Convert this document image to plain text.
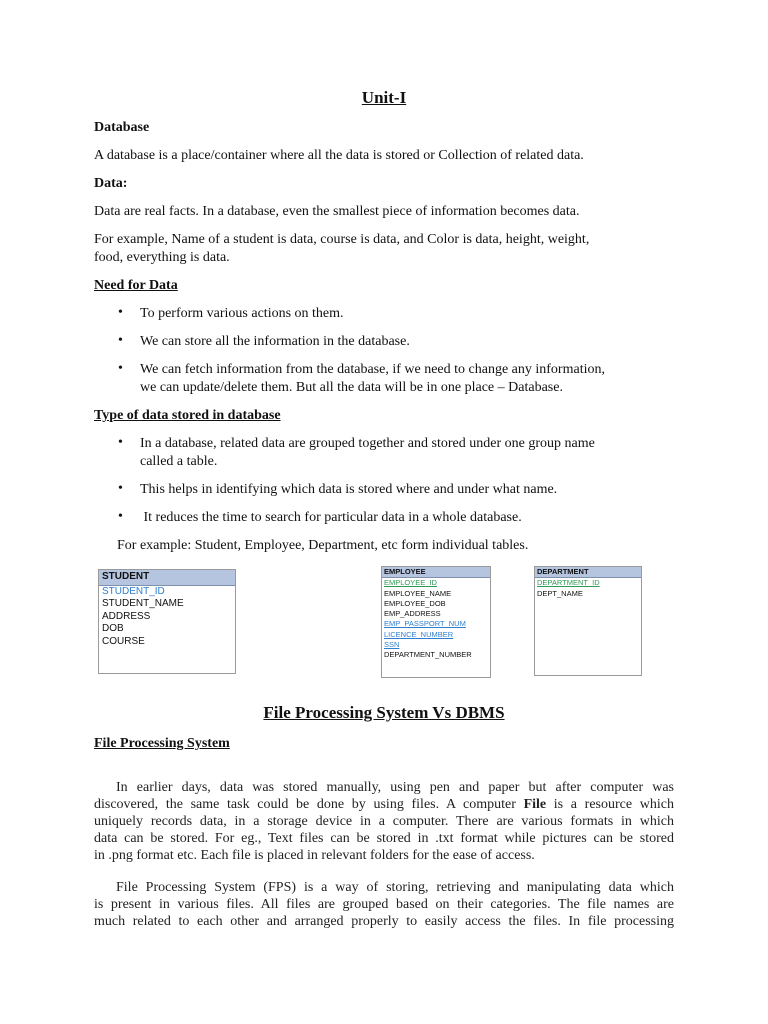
Unit-I
Database
A database is a place/container where all the data is stored or Collection of related data.
Data:
Data are real facts. In a database, even the smallest piece of information becomes data.
For example, Name of a student is data, course is data, and Color is data, height, weight,
food, everything is data.
Need for Data
• To perform various actions on them.
• We can store all the information in the database.
• We can fetch information from the database, if we need to change any information,
we can update/delete them. But all the data will be in one place – Database.
Type of data stored in database
• In a database, related data are grouped together and stored under one group name
called a table.
• This helps in identifying which data is stored where and under what name.
• It reduces the time to search for particular data in a whole database.
For example: Student, Employee, Department, etc form individual tables.
STUDENT
STUDENT_ID
STUDENT_NAME
ADDRESS
DOB
COURSE
EMPLOYEE
EMPLOYEE_ID
EMPLOYEE_NAME
EMPLOYEE_DOB
EMP_ADDRESS
EMP_PASSPORT_NUM
LICENCE_NUMBER
SSN
DEPARTMENT_NUMBER
DEPARTMENT
DEPARTMENT_ID
DEPT_NAME
File Processing System Vs DBMS
File Processing System
In earlier days, data was stored manually, using pen and paper but after computer was
discovered, the same task could be done by using files. A computer File is a resource which
uniquely records data, in a storage device in a computer. There are various formats in which
data can be stored. For eg., Text files can be stored in .txt format while pictures can be stored
in .png format etc. Each file is placed in relevant folders for the ease of access.
File Processing System (FPS) is a way of storing, retrieving and manipulating data which
is present in various files. All files are grouped based on their categories. The file names are
much related to each other and arranged properly to easily access the files. In file processing
